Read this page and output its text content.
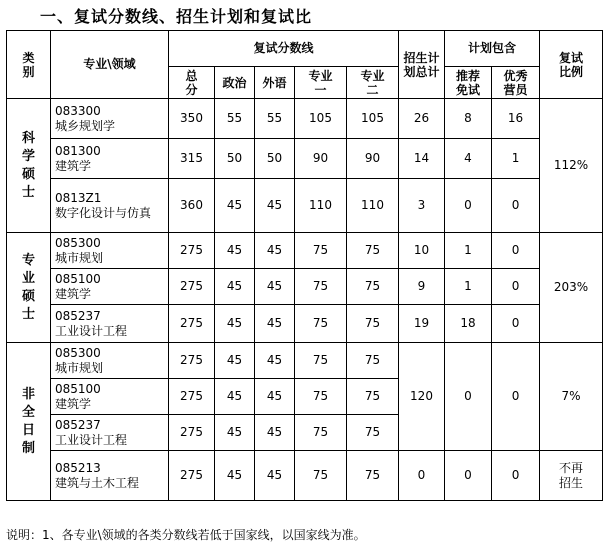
一、复试分数线、招生计划和复试比
类别	专业\领域	复试分数线					招生计划总计	计划包含		复试比例

		总分	政治	外语	专业一	专业二		推荐免试	优秀营员	

科学硕士	083300
城乡规划学	350	55	55	105	105	26	8	16	112%

	081300
建筑学	315	50	50	90	90	14	4	1	

	0813Z1
数字化设计与仿真	360	45	45	110	110	3	0	0	

专业硕士	085300
城市规划	275	45	45	75	75	10	1	0	203%

	085100
建筑学	275	45	45	75	75	9	1	0	

	085237
工业设计工程	275	45	45	75	75	19	18	0	

非全日制	085300
城市规划	275	45	45	75	75	120	0	0	7%

	085100
建筑学	275	45	45	75	75				

	085237
工业设计工程	275	45	45	75	75				

	085213
建筑与土木工程	275	45	45	75	75	0	0	0	不再招生
说明：1、各专业\领域的各类分数线若低于国家线，以国家线为准。
